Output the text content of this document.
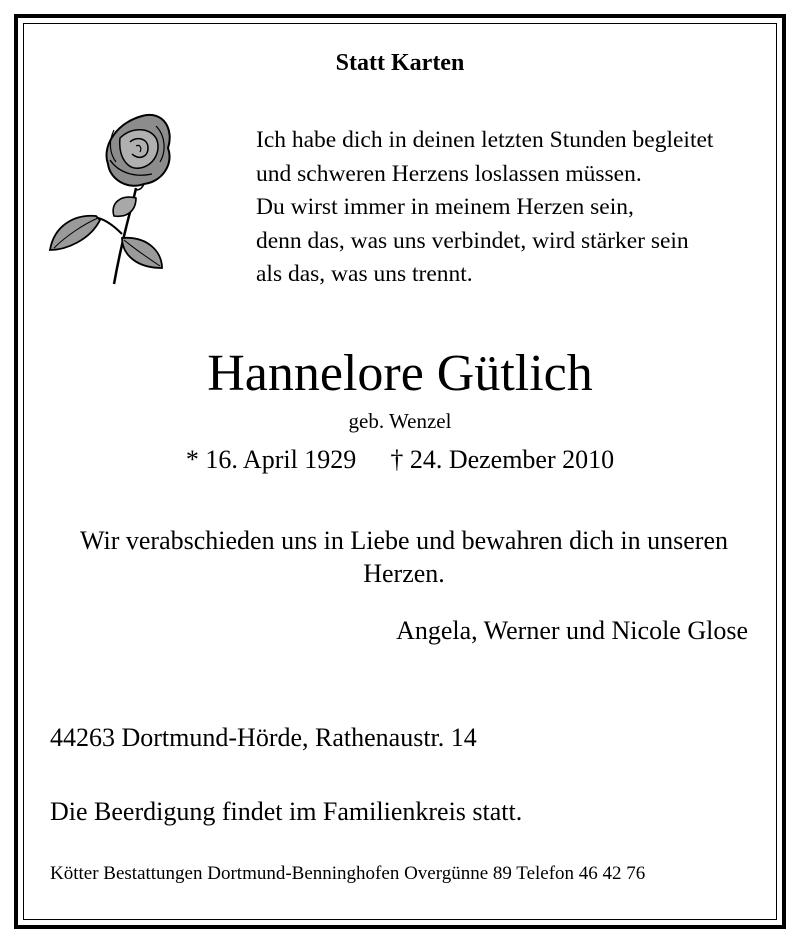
Statt Karten
Ich habe dich in deinen letzten Stunden begleitet
und schweren Herzens loslassen müssen.
Du wirst immer in meinem Herzen sein,
denn das, was uns verbindet, wird stärker sein
als das, was uns trennt.
Hannelore Gütlich
geb. Wenzel
* 16. April 1929 † 24. Dezember 2010
Wir verabschieden uns in Liebe und bewahren dich in unseren Herzen.
Angela, Werner und Nicole Glose
44263 Dortmund-Hörde, Rathenaustr. 14
Die Beerdigung findet im Familienkreis statt.
Kötter Bestattungen Dortmund-Benninghofen Overgünne 89 Telefon 46 42 76
